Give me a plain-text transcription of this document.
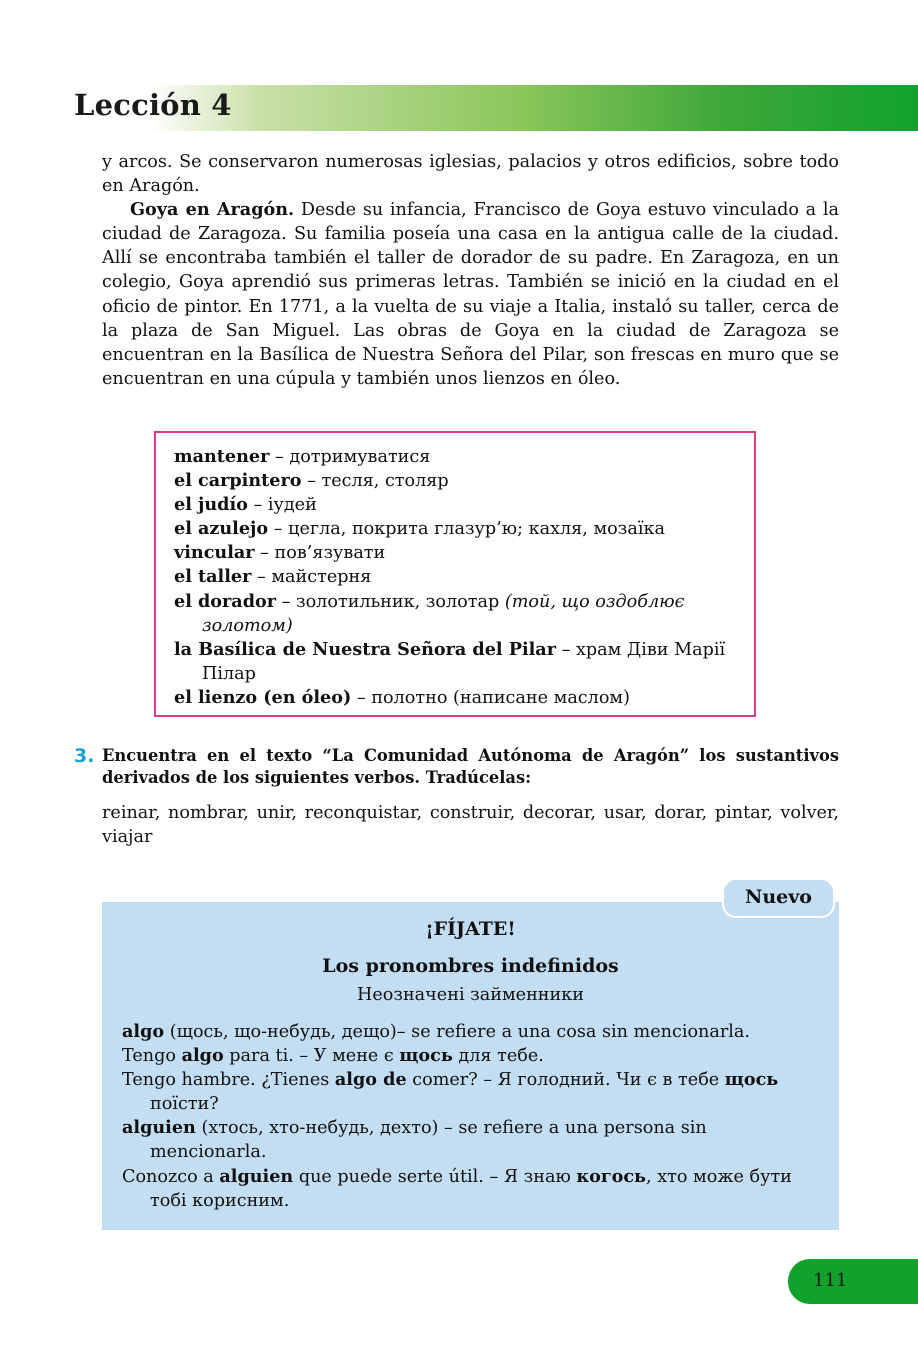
Lección 4

y arcos. Se conservaron numerosas iglesias, palacios y otros edificios, sobre todo en Aragón.

Goya en Aragón. Desde su infancia, Francisco de Goya estuvo vinculado a la ciudad de Zaragoza. Su familia poseía una casa en la antigua calle de la ciudad. Allí se encontraba también el taller de dorador de su padre. En Zaragoza, en un colegio, Goya aprendió sus primeras letras. También se inició en la ciudad en el oficio de pintor. En 1771, a la vuelta de su viaje a Italia, instaló su taller, cerca de la plaza de San Miguel. Las obras de Goya en la ciudad de Zaragoza se encuentran en la Basílica de Nuestra Señora del Pilar, son frescas en muro que se encuentran en una cúpula y también unos lienzos en óleo.

mantener – дотримуватися
el carpintero – тесля, столяр
el judío – іудей
el azulejo – цегла, покрита глазур’ю; кахля, мозаїка
vincular – пов’язувати
el taller – майстерня
el dorador – золотильник, золотар (той, що оздоблює золотом)
la Basílica de Nuestra Señora del Pilar – храм Діви Марії Пілар
el lienzo (en óleo) – полотно (написане маслом)
3. Encuentra en el texto “La Comunidad Autónoma de Aragón” los sustantivos derivados de los siguientes verbos. Tradúcelas:
reinar, nombrar, unir, reconquistar, construir, decorar, usar, dorar, pintar, volver, viajar
Nuevo
¡FÍJATE!
Los pronombres indefinidos
Неозначені займенники
algo (щось, що-небудь, дещо)– se refiere a una cosa sin mencionarla.
Tengo algo para ti. – У мене є щось для тебе.
Tengo hambre. ¿Tienes algo de comer? – Я голодний. Чи є в тебе щось поїсти?
alguien (хтось, хто-небудь, дехто) – se refiere a una persona sin mencionarla.
Conozco a alguien que puede serte útil. – Я знаю когось, хто може бути тобі корисним.
111
